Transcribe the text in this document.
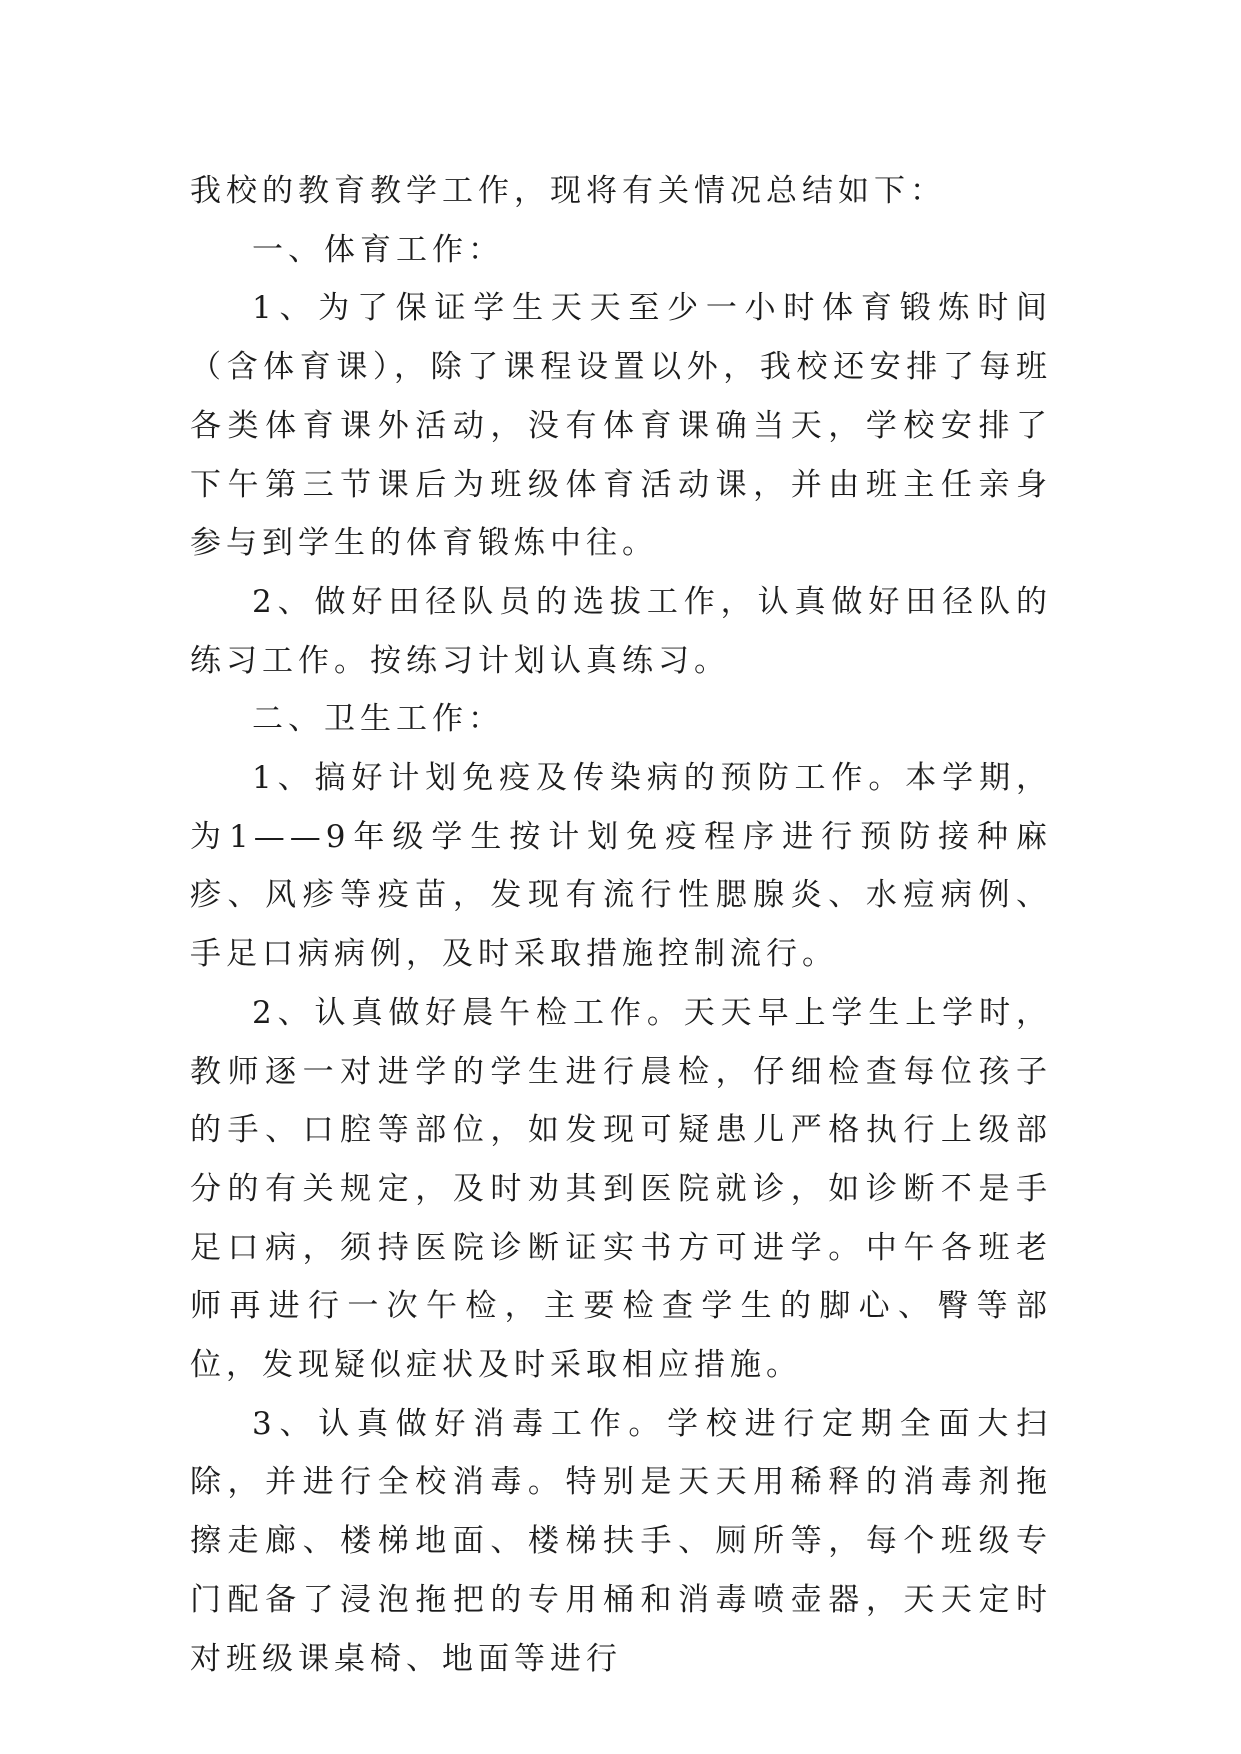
我校的教育教学工作，现将有关情况总结如下：

一、体育工作：

1、为了保证学生天天至少一小时体育锻炼时间（含体育课），除了课程设置以外，我校还安排了每班各类体育课外活动，没有体育课确当天，学校安排了下午第三节课后为班级体育活动课，并由班主任亲身参与到学生的体育锻炼中往。

2、做好田径队员的选拔工作，认真做好田径队的练习工作。按练习计划认真练习。

二、卫生工作：

1、搞好计划免疫及传染病的预防工作。本学期，为1——9年级学生按计划免疫程序进行预防接种麻疹、风疹等疫苗，发现有流行性腮腺炎、水痘病例、手足口病病例，及时采取措施控制流行。

2、认真做好晨午检工作。天天早上学生上学时，教师逐一对进学的学生进行晨检，仔细检查每位孩子的手、口腔等部位，如发现可疑患儿严格执行上级部分的有关规定，及时劝其到医院就诊，如诊断不是手足口病，须持医院诊断证实书方可进学。中午各班老师再进行一次午检，主要检查学生的脚心、臀等部位，发现疑似症状及时采取相应措施。

3、认真做好消毒工作。学校进行定期全面大扫除，并进行全校消毒。特别是天天用稀释的消毒剂拖擦走廊、楼梯地面、楼梯扶手、厕所等，每个班级专门配备了浸泡拖把的专用桶和消毒喷壶器，天天定时对班级课桌椅、地面等进行
